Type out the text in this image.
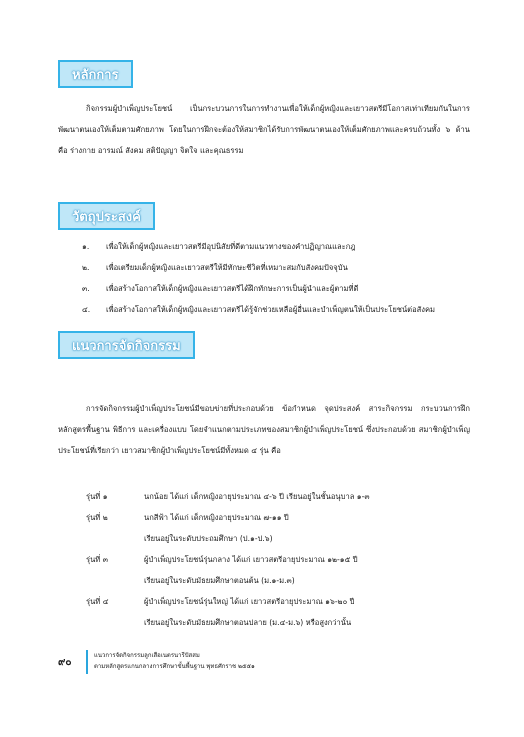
หลักการ

กิจกรรมผู้บำเพ็ญประโยชน์ เป็นกระบวนการในการทำงานเพื่อให้เด็กผู้หญิงและเยาวสตรีมีโอกาสเท่าเทียมกันในการพัฒนาตนเองให้เต็มตามศักยภาพ โดยในการฝึกจะต้องให้สมาชิกได้รับการพัฒนาตนเองให้เต็มศักยภาพและครบถ้วนทั้ง ๖ ด้าน คือ ร่างกาย อารมณ์ สังคม สติปัญญา จิตใจ และคุณธรรม

วัตถุประสงค์
๑. เพื่อให้เด็กผู้หญิงและเยาวสตรีมีอุปนิสัยที่ดีตามแนวทางของคำปฏิญาณและกฎ
๒. เพื่อเตรียมเด็กผู้หญิงและเยาวสตรีให้มีทักษะชีวิตที่เหมาะสมกับสังคมปัจจุบัน
๓. เพื่อสร้างโอกาสให้เด็กผู้หญิงและเยาวสตรีได้ฝึกทักษะการเป็นผู้นำและผู้ตามที่ดี
๔. เพื่อสร้างโอกาสให้เด็กผู้หญิงและเยาวสตรีได้รู้จักช่วยเหลือผู้อื่นและบำเพ็ญตนให้เป็นประโยชน์ต่อสังคม
แนวการจัดกิจกรรม

การจัดกิจกรรมผู้บำเพ็ญประโยชน์มีขอบข่ายที่ประกอบด้วย ข้อกำหนด จุดประสงค์ สาระกิจกรรม กระบวนการฝึก หลักสูตรพื้นฐาน พิธีการ และเครื่องแบบ โดยจำแนกตามประเภทของสมาชิกผู้บำเพ็ญประโยชน์ ซึ่งประกอบด้วย สมาชิกผู้บำเพ็ญประโยชน์ที่เรียกว่า เยาวสมาชิกผู้บำเพ็ญประโยชน์มีทั้งหมด ๔ รุ่น คือ

รุ่นที่ ๑	นกน้อย ได้แก่ เด็กหญิงอายุประมาณ ๔-๖ ปี เรียนอยู่ในชั้นอนุบาล ๑-๓
รุ่นที่ ๒	นกสีฟ้า ได้แก่ เด็กหญิงอายุประมาณ ๗-๑๑ ปี
เรียนอยู่ในระดับประถมศึกษา (ป.๑-ป.๖)
รุ่นที่ ๓	ผู้บำเพ็ญประโยชน์รุ่นกลาง ได้แก่ เยาวสตรีอายุประมาณ ๑๒-๑๕ ปี
เรียนอยู่ในระดับมัธยมศึกษาตอนต้น (ม.๑-ม.๓)
รุ่นที่ ๔	ผู้บำเพ็ญประโยชน์รุ่นใหญ่ ได้แก่ เยาวสตรีอายุประมาณ ๑๖-๒๐ ปี
เรียนอยู่ในระดับมัธยมศึกษาตอนปลาย (ม.๔-ม.๖) หรือสูงกว่านั้น
๙๐
แนวการจัดกิจกรรมลูกเสือเนตรนารีปัสสม
ตามหลักสูตรแกนกลางการศึกษาขั้นพื้นฐาน พุทธศักราช ๒๕๕๑
